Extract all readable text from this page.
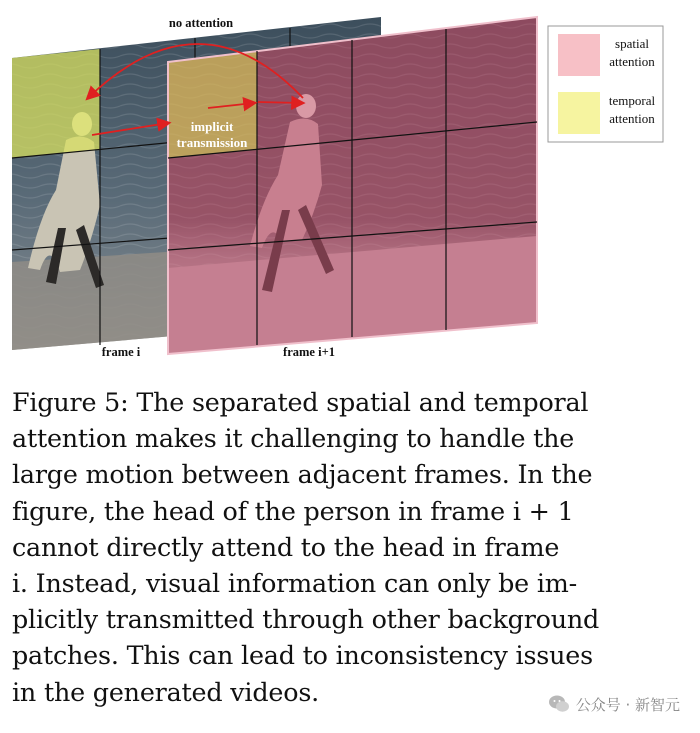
no attention
implicit
transmission
frame i	frame i+1
spatial
attention
temporal
attention
Figure 5: The separated spatial and temporal
attention makes it challenging to handle the
large motion between adjacent frames. In the
figure, the head of the person in frame i + 1
cannot directly attend to the head in frame
i. Instead, visual information can only be im-
plicitly transmitted through other background
patches. This can lead to inconsistency issues
in the generated videos.	公众号 · 新智元
